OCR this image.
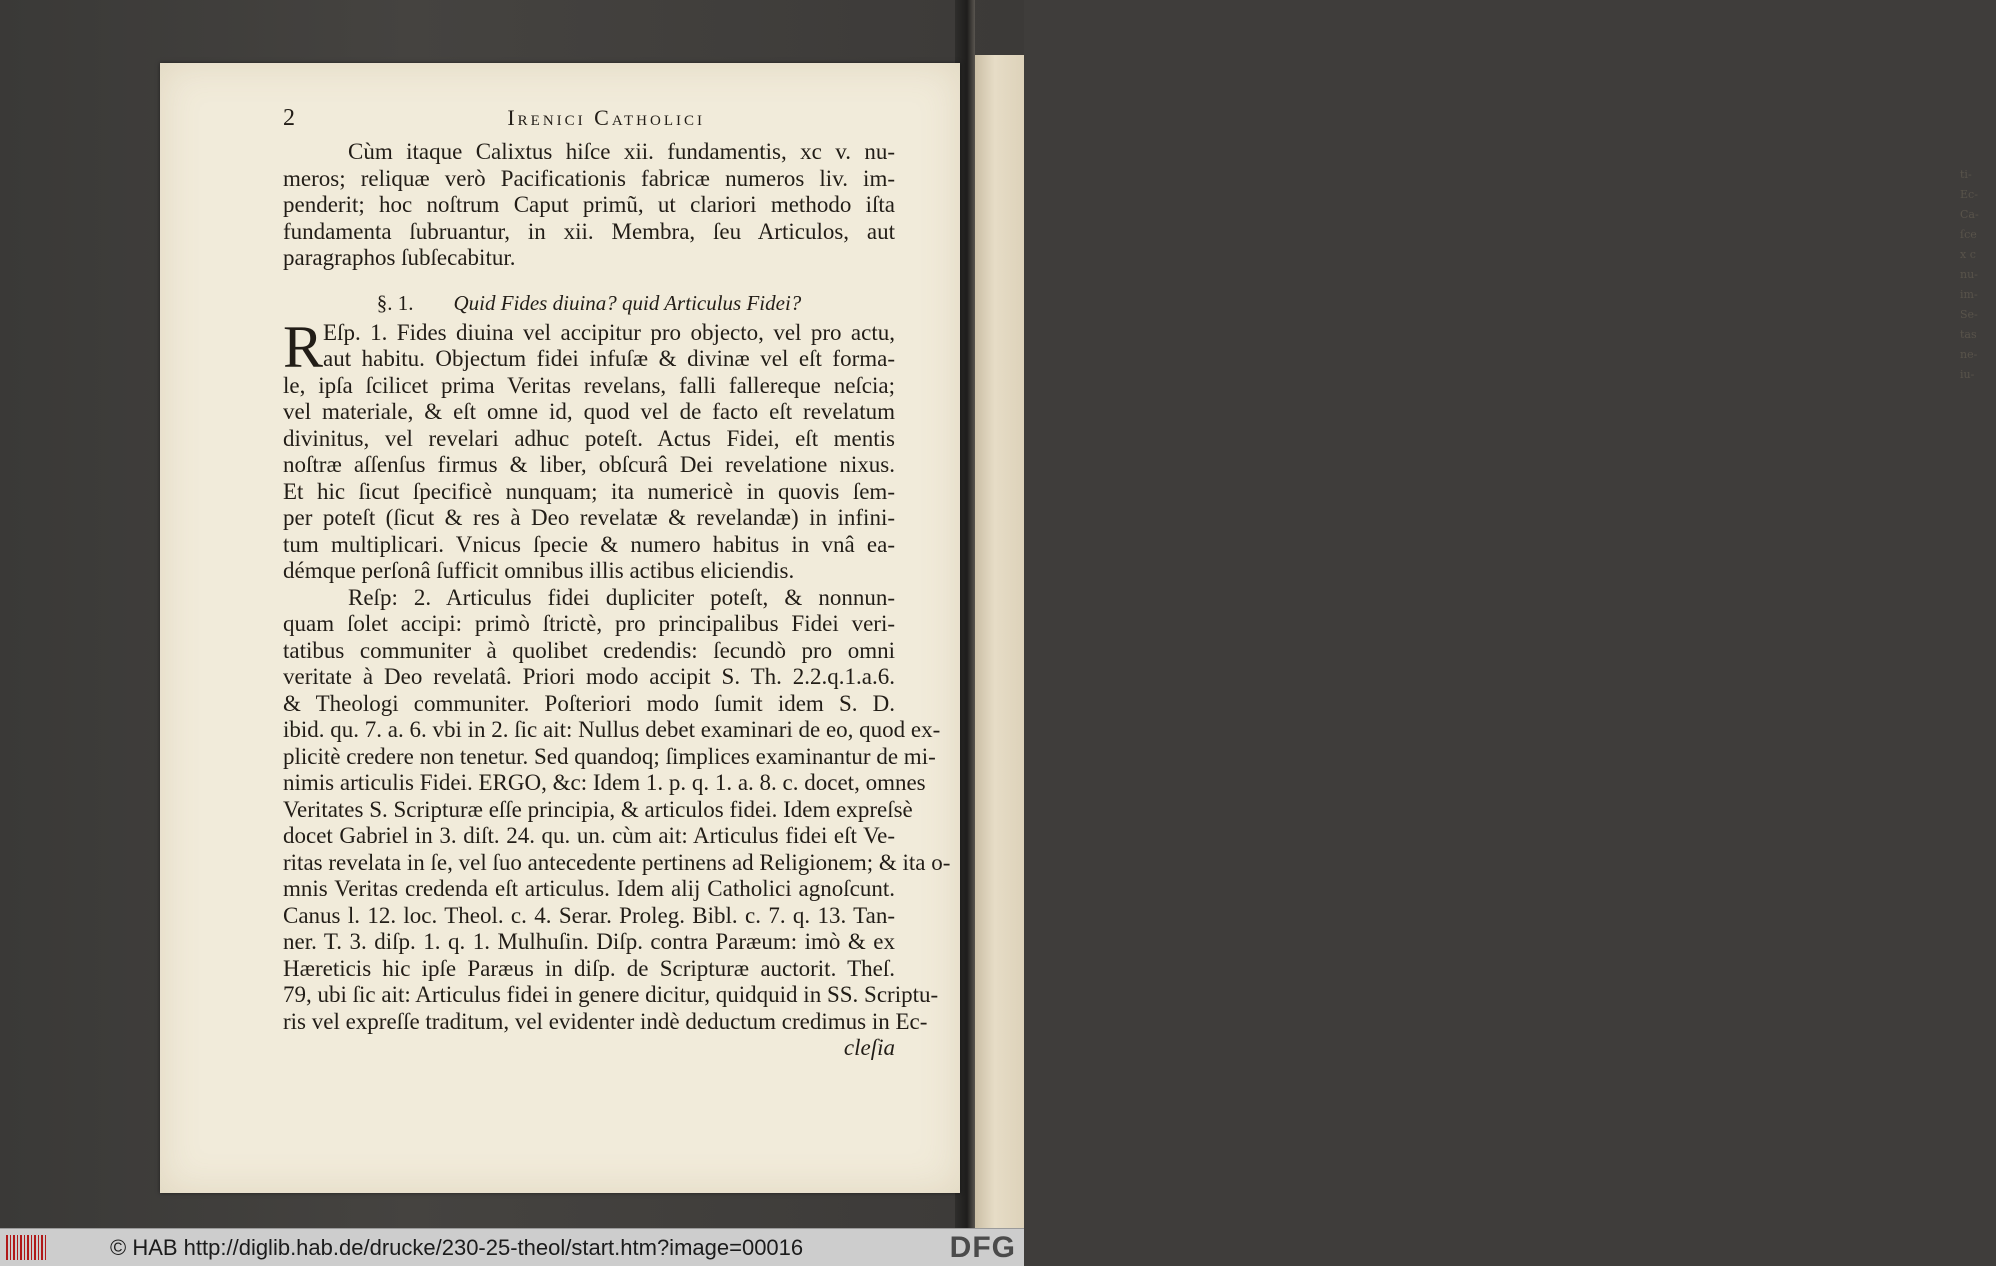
ti-
Ec-
Ca-
ſce
x c
nu-
im-
Se-
tas
ne-
iu-
2	Irenici Catholici
Cùm itaque Calixtus hiſce xii. fundamentis, xc v. nu-
meros; reliquæ verò Pacificationis fabricæ numeros liv. im-
penderit; hoc noſtrum Caput primũ, ut clariori methodo iſta
fundamenta ſubruantur, in xii. Membra, ſeu Articulos, aut
paragraphos ſubſecabitur.
§. 1. Quid Fides diuina? quid Articulus Fidei?
R Eſp. 1. Fides diuina vel accipitur pro objecto, vel pro actu,
aut habitu. Objectum fidei infuſæ & divinæ vel eſt forma-
le, ipſa ſcilicet prima Veritas revelans, falli fallereque neſcia;
vel materiale, & eſt omne id, quod vel de facto eſt revelatum
divinitus, vel revelari adhuc poteſt. Actus Fidei, eſt mentis
noſtræ aſſenſus firmus & liber, obſcurâ Dei revelatione nixus.
Et hic ſicut ſpecificè nunquam; ita numericè in quovis ſem-
per poteſt (ſicut & res à Deo revelatæ & revelandæ) in infini-
tum multiplicari. Vnicus ſpecie & numero habitus in vnâ ea-
démque perſonâ ſufficit omnibus illis actibus eliciendis.
Reſp: 2. Articulus fidei dupliciter poteſt, & nonnun-
quam ſolet accipi: primò ſtrictè, pro principalibus Fidei veri-
tatibus communiter à quolibet credendis: ſecundò pro omni
veritate à Deo revelatâ. Priori modo accipit S. Th. 2.2.q.1.a.6.
& Theologi communiter. Poſteriori modo ſumit idem S. D.
ibid. qu. 7. a. 6. vbi in 2. ſic ait: Nullus debet examinari de eo, quod ex-
plicitè credere non tenetur. Sed quandoq; ſimplices examinantur de mi-
nimis articulis Fidei. ERGO, &c: Idem 1. p. q. 1. a. 8. c. docet, omnes
Veritates S. Scripturæ eſſe principia, & articulos fidei. Idem expreſsè
docet Gabriel in 3. diſt. 24. qu. un. cùm ait: Articulus fidei eſt Ve-
ritas revelata in ſe, vel ſuo antecedente pertinens ad Religionem; & ita o-
mnis Veritas credenda eſt articulus. Idem alij Catholici agnoſcunt.
Canus l. 12. loc. Theol. c. 4. Serar. Proleg. Bibl. c. 7. q. 13. Tan-
ner. T. 3. diſp. 1. q. 1. Mulhuſin. Diſp. contra Paræum: imò & ex
Hæreticis hic ipſe Paræus in diſp. de Scripturæ auctorit. Theſ.
79, ubi ſic ait: Articulus fidei in genere dicitur, quidquid in SS. Scriptu-
ris vel expreſſe traditum, vel evidenter indè deductum credimus in Ec-
cleſia
© HAB http://diglib.hab.de/drucke/230-25-theol/start.htm?image=00016	DFG
